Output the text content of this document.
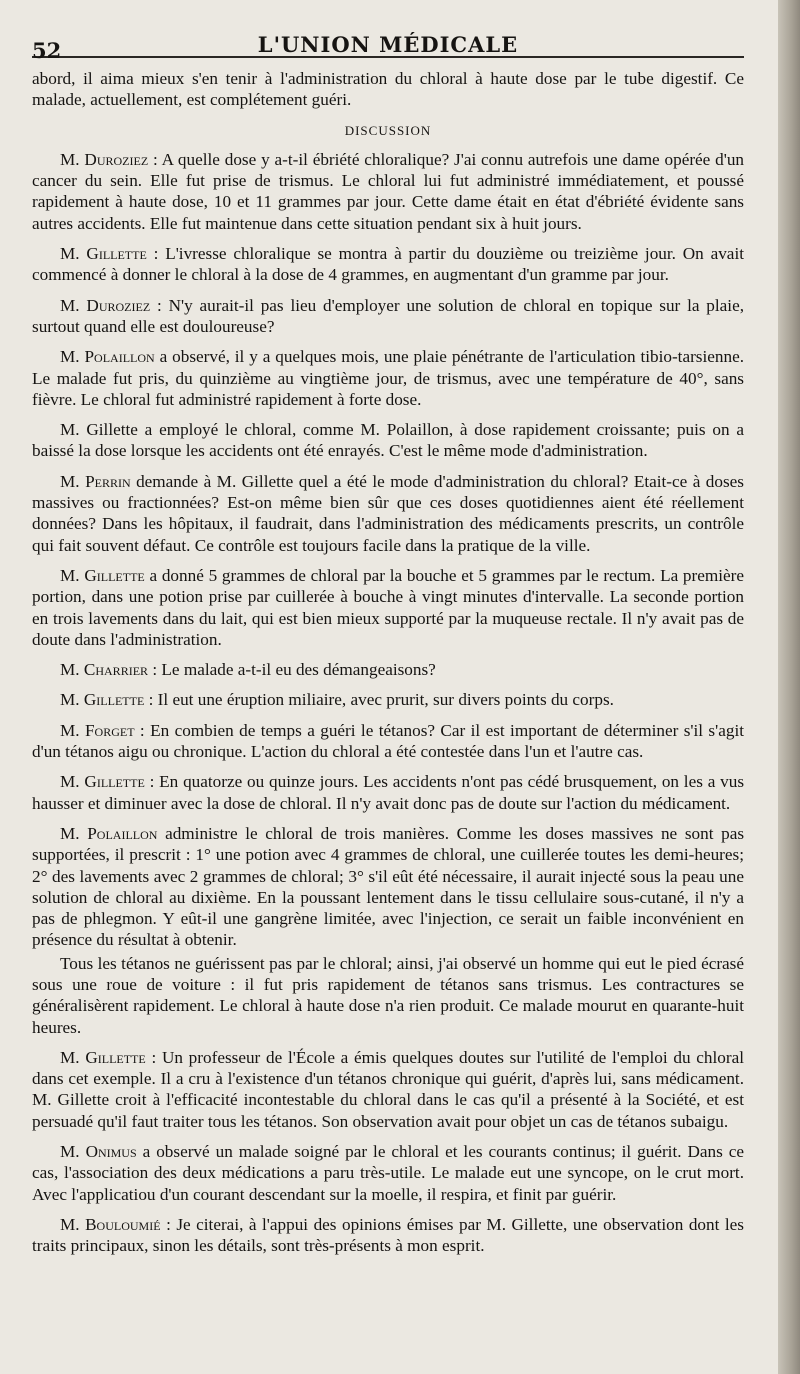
52	L'UNION MÉDICALE

abord, il aima mieux s'en tenir à l'administration du chloral à haute dose par le tube digestif. Ce malade, actuellement, est complétement guéri.

DISCUSSION

M. Duroziez : A quelle dose y a-t-il ébriété chloralique? J'ai connu autrefois une dame opérée d'un cancer du sein. Elle fut prise de trismus. Le chloral lui fut administré immédiatement, et poussé rapidement à haute dose, 10 et 11 grammes par jour. Cette dame était en état d'ébriété évidente sans autres accidents. Elle fut maintenue dans cette situation pendant six à huit jours.

M. Gillette : L'ivresse chloralique se montra à partir du douzième ou treizième jour. On avait commencé à donner le chloral à la dose de 4 grammes, en augmentant d'un gramme par jour.

M. Duroziez : N'y aurait-il pas lieu d'employer une solution de chloral en topique sur la plaie, surtout quand elle est douloureuse?

M. Polaillon a observé, il y a quelques mois, une plaie pénétrante de l'articulation tibio-tarsienne. Le malade fut pris, du quinzième au vingtième jour, de trismus, avec une température de 40°, sans fièvre. Le chloral fut administré rapidement à forte dose.

M. Gillette a employé le chloral, comme M. Polaillon, à dose rapidement croissante; puis on a baissé la dose lorsque les accidents ont été enrayés. C'est le même mode d'administration.

M. Perrin demande à M. Gillette quel a été le mode d'administration du chloral? Etait-ce à doses massives ou fractionnées? Est-on même bien sûr que ces doses quotidiennes aient été réellement données? Dans les hôpitaux, il faudrait, dans l'administration des médicaments prescrits, un contrôle qui fait souvent défaut. Ce contrôle est toujours facile dans la pratique de la ville.

M. Gillette a donné 5 grammes de chloral par la bouche et 5 grammes par le rectum. La première portion, dans une potion prise par cuillerée à bouche à vingt minutes d'intervalle. La seconde portion en trois lavements dans du lait, qui est bien mieux supporté par la muqueuse rectale. Il n'y avait pas de doute dans l'administration.

M. Charrier : Le malade a-t-il eu des démangeaisons?

M. Gillette : Il eut une éruption miliaire, avec prurit, sur divers points du corps.

M. Forget : En combien de temps a guéri le tétanos? Car il est important de déterminer s'il s'agit d'un tétanos aigu ou chronique. L'action du chloral a été contestée dans l'un et l'autre cas.

M. Gillette : En quatorze ou quinze jours. Les accidents n'ont pas cédé brusquement, on les a vus hausser et diminuer avec la dose de chloral. Il n'y avait donc pas de doute sur l'action du médicament.

M. Polaillon administre le chloral de trois manières. Comme les doses massives ne sont pas supportées, il prescrit : 1° une potion avec 4 grammes de chloral, une cuillerée toutes les demi-heures; 2° des lavements avec 2 grammes de chloral; 3° s'il eût été nécessaire, il aurait injecté sous la peau une solution de chloral au dixième. En la poussant lentement dans le tissu cellulaire sous-cutané, il n'y a pas de phlegmon. Y eût-il une gangrène limitée, avec l'injection, ce serait un faible inconvénient en présence du résultat à obtenir.

Tous les tétanos ne guérissent pas par le chloral; ainsi, j'ai observé un homme qui eut le pied écrasé sous une roue de voiture : il fut pris rapidement de tétanos sans trismus. Les contractures se généralisèrent rapidement. Le chloral à haute dose n'a rien produit. Ce malade mourut en quarante-huit heures.

M. Gillette : Un professeur de l'École a émis quelques doutes sur l'utilité de l'emploi du chloral dans cet exemple. Il a cru à l'existence d'un tétanos chronique qui guérit, d'après lui, sans médicament. M. Gillette croit à l'efficacité incontestable du chloral dans le cas qu'il a présenté à la Société, et est persuadé qu'il faut traiter tous les tétanos. Son observation avait pour objet un cas de tétanos subaigu.

M. Onimus a observé un malade soigné par le chloral et les courants continus; il guérit. Dans ce cas, l'association des deux médications a paru très-utile. Le malade eut une syncope, on le crut mort. Avec l'applicatiou d'un courant descendant sur la moelle, il respira, et finit par guérir.

M. Bouloumié : Je citerai, à l'appui des opinions émises par M. Gillette, une observation dont les traits principaux, sinon les détails, sont très-présents à mon esprit.
